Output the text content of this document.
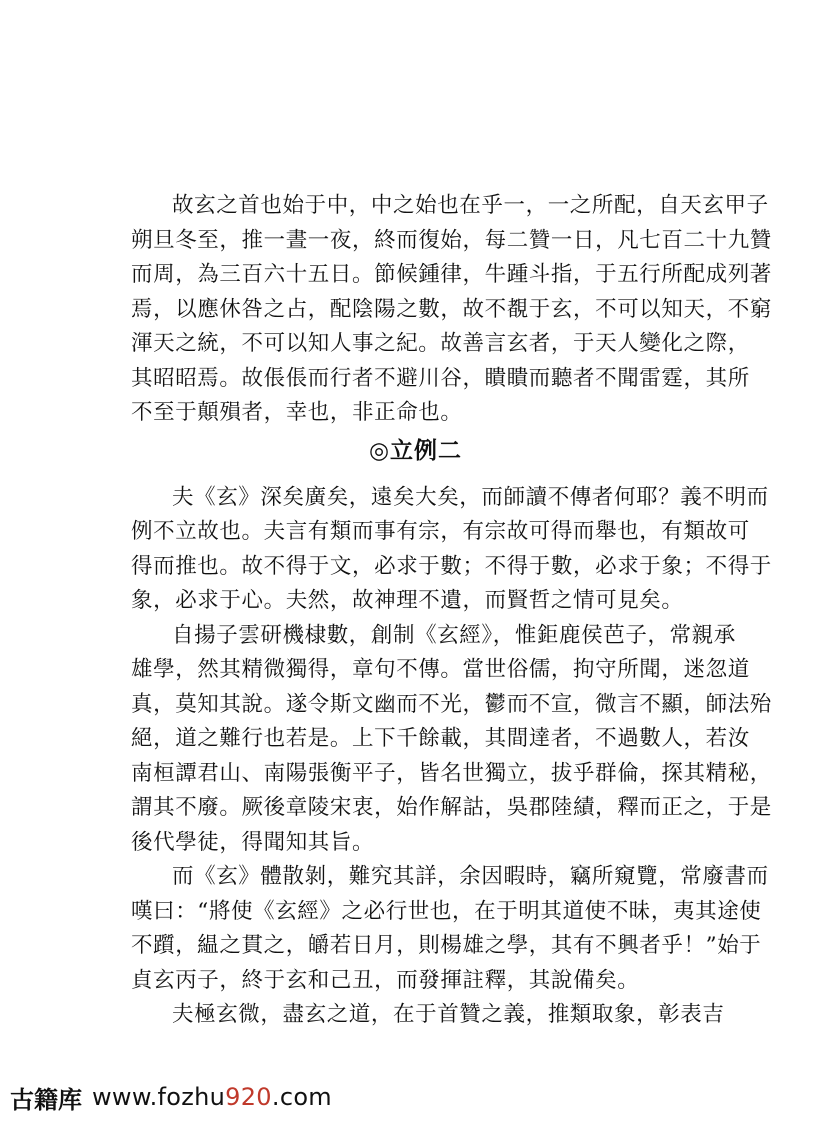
故玄之首也始于中，中之始也在乎一，一之所配，自天玄甲子
朔旦冬至，推一晝一夜，終而復始，每二贊一日，凡七百二十九贊
而周，為三百六十五日。節候鍾律，牛踵斗指，于五行所配成列著
焉，以應休咎之占，配陰陽之數，故不覩于玄，不可以知天，不窮
渾天之統，不可以知人事之紀。故善言玄者，于天人變化之際，
其昭昭焉。故倀倀而行者不避川谷，瞶瞶而聽者不聞雷霆，其所
不至于顛殞者，幸也，非正命也。
◎立例二
夫《玄》深矣廣矣，遠矣大矣，而師讀不傳者何耶？義不明而
例不立故也。夫言有類而事有宗，有宗故可得而舉也，有類故可
得而推也。故不得于文，必求于數；不得于數，必求于象；不得于
象，必求于心。夫然，故神理不遺，而賢哲之情可見矣。
自揚子雲研機棣數，創制《玄經》，惟鉅鹿侯芭子，常親承
雄學，然其精微獨得，章句不傳。當世俗儒，拘守所聞，迷忽道
真，莫知其說。遂令斯文幽而不光，鬱而不宣，微言不顯，師法殆
絕，道之難行也若是。上下千餘載，其間達者，不過數人，若汝
南桓譚君山、南陽張衡平子，皆名世獨立，拔乎群倫，探其精秘，
謂其不廢。厥後章陵宋衷，始作解詁，吳郡陸績，釋而正之，于是
後代學徒，得聞知其旨。
而《玄》體散剝，難究其詳，余因暇時，竊所窺覽，常廢書而
嘆曰：“將使《玄經》之必行世也，在于明其道使不昧，夷其途使
不躓，緼之貫之，皭若日月，則楊雄之學，其有不興者乎！”始于
貞玄丙子，終于玄和己丑，而發揮註釋，其說備矣。
夫極玄微，盡玄之道，在于首贊之義，推類取象，彰表吉
古籍库 www.fozhu920.com
